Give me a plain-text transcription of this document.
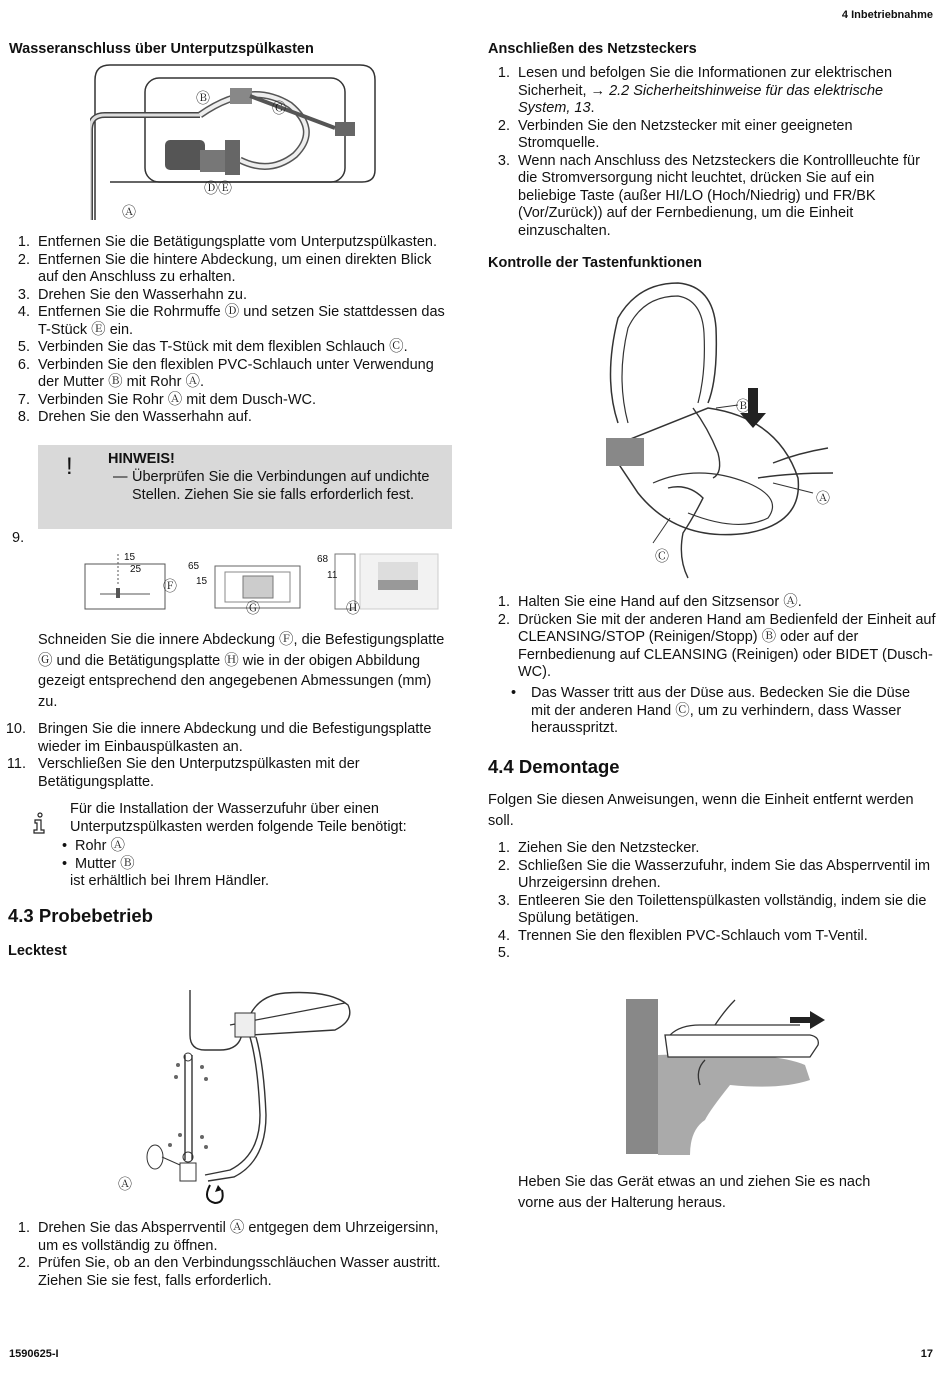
4 Inbetriebnahme
1590625-I	17
Wasseranschluss über Unterputzspülkasten
Ⓑ
Ⓒ
ⒹⒺ
Ⓐ
1. Entfernen Sie die Betätigungsplatte vom Unterputzspülkasten.
2. Entfernen Sie die hintere Abdeckung, um einen direkten Blick auf den Anschluss zu erhalten.
3. Drehen Sie den Wasserhahn zu.
4. Entfernen Sie die Rohrmuffe Ⓓ und setzen Sie stattdessen das T-Stück Ⓔ ein.
5. Verbinden Sie das T-Stück mit dem flexiblen Schlauch Ⓒ.
6. Verbinden Sie den flexiblen PVC-Schlauch unter Verwendung der Mutter Ⓑ mit Rohr Ⓐ.
7. Verbinden Sie Rohr Ⓐ mit dem Dusch-WC.
8. Drehen Sie den Wasserhahn auf.
! HINWEIS!
— Überprüfen Sie die Verbindungen auf undichte Stellen. Ziehen Sie sie falls erforderlich fest.
9.
15
25	65
15
68
11
Ⓕ
Ⓖ	Ⓗ
Schneiden Sie die innere Abdeckung Ⓕ, die Befestigungsplatte Ⓖ und die Betätigungsplatte Ⓗ wie in der obigen Abbildung gezeigt entsprechend den angegebenen Abmessungen (mm) zu.
10. Bringen Sie die innere Abdeckung und die Befestigungsplatte wieder im Einbauspülkasten an.
11. Verschließen Sie den Unterputzspülkasten mit der Betätigungsplatte.
Für die Installation der Wasserzufuhr über einen Unterputzspülkasten werden folgende Teile benötigt:
• Rohr Ⓐ
• Mutter Ⓑ
ist erhältlich bei Ihrem Händler.
4.3 Probebetrieb
Lecktest
Ⓐ
1. Drehen Sie das Absperrventil Ⓐ entgegen dem Uhrzeigersinn, um es vollständig zu öffnen.
2. Prüfen Sie, ob an den Verbindungsschläuchen Wasser austritt. Ziehen Sie sie fest, falls erforderlich.
Anschließen des Netzsteckers
1. Lesen und befolgen Sie die Informationen zur elektrischen Sicherheit, → 2.2 Sicherheitshinweise für das elektrische System, 13.
2. Verbinden Sie den Netzstecker mit einer geeigneten Stromquelle.
3. Wenn nach Anschluss des Netzsteckers die Kontrollleuchte für die Stromversorgung nicht leuchtet, drücken Sie auf ein beliebige Taste (außer HI/LO (Hoch/Niedrig) und FR/BK (Vor/Zurück)) auf der Fernbedienung, um die Einheit einzuschalten.
Kontrolle der Tastenfunktionen
Ⓑ
Ⓐ
Ⓒ
1. Halten Sie eine Hand auf den Sitzsensor Ⓐ.
2. Drücken Sie mit der anderen Hand am Bedienfeld der Einheit auf CLEANSING/STOP (Reinigen/Stopp) Ⓑ oder auf der Fernbedienung auf CLEANSING (Reinigen) oder BIDET (Dusch-WC).
• Das Wasser tritt aus der Düse aus. Bedecken Sie die Düse mit der anderen Hand Ⓒ, um zu verhindern, dass Wasser herausspritzt.
4.4 Demontage
Folgen Sie diesen Anweisungen, wenn die Einheit entfernt werden soll.
1. Ziehen Sie den Netzstecker.
2. Schließen Sie die Wasserzufuhr, indem Sie das Absperrventil im Uhrzeigersinn drehen.
3. Entleeren Sie den Toilettenspülkasten vollständig, indem sie die Spülung betätigen.
4. Trennen Sie den flexiblen PVC-Schlauch vom T-Ventil.
5.
Heben Sie das Gerät etwas an und ziehen Sie es nach vorne aus der Halterung heraus.
